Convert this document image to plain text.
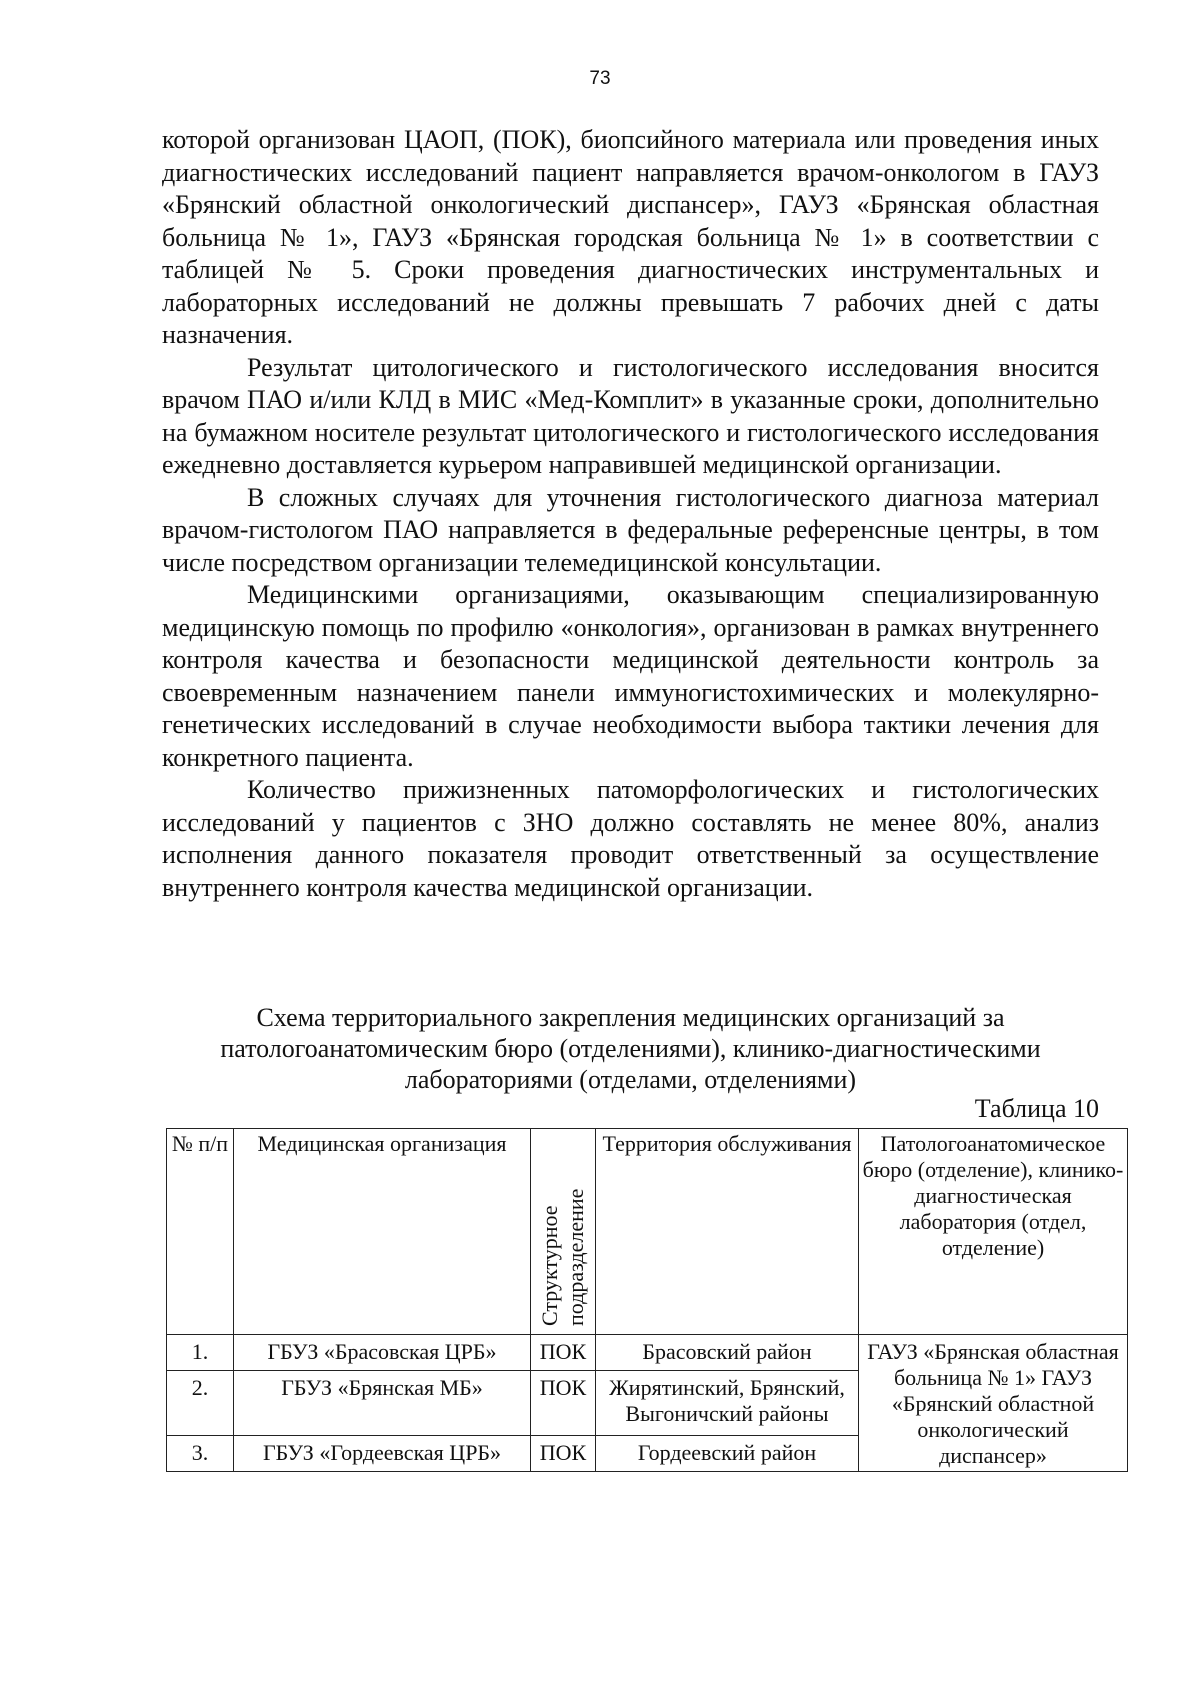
73

которой организован ЦАОП, (ПОК), биопсийного материала или проведения иных диагностических исследований пациент направляется врачом-онкологом в ГАУЗ «Брянский областной онкологический диспансер», ГАУЗ «Брянская областная больница № 1», ГАУЗ «Брянская городская больница № 1» в соответствии с таблицей № 5. Сроки проведения диагностических инструментальных и лабораторных исследований не должны превышать 7 рабочих дней с даты назначения.

Результат цитологического и гистологического исследования вносится врачом ПАО и/или КЛД в МИС «Мед-Комплит» в указанные сроки, дополнительно на бумажном носителе результат цитологического и гистологического исследования ежедневно доставляется курьером направившей медицинской организации.

В сложных случаях для уточнения гистологического диагноза материал врачом-гистологом ПАО направляется в федеральные референсные центры, в том числе посредством организации телемедицинской консультации.

Медицинскими организациями, оказывающим специализированную медицинскую помощь по профилю «онкология», организован в рамках внутреннего контроля качества и безопасности медицинской деятельности контроль за своевременным назначением панели иммуногистохимических и молекулярно-генетических исследований в случае необходимости выбора тактики лечения для конкретного пациента.

Количество прижизненных патоморфологических и гистологических исследований у пациентов с ЗНО должно составлять не менее 80%, анализ исполнения данного показателя проводит ответственный за осуществление внутреннего контроля качества медицинской организации.

Схема территориального закрепления медицинских организаций за патологоанатомическим бюро (отделениями), клинико-диагностическими лабораториями (отделами, отделениями)
Таблица 10
№ п/п	Медицинская организация	Структурное подразделение	Территория обслуживания	Патологоанатомическое бюро (отделение), клинико-диагностическая лаборатория (отдел, отделение)
1.	ГБУЗ «Брасовская ЦРБ»	ПОК	Брасовский район	ГАУЗ «Брянская областная больница № 1» ГАУЗ «Брянский областной онкологический диспансер»
2.	ГБУЗ «Брянская МБ»	ПОК	Жирятинский, Брянский, Выгоничский районы	
3.	ГБУЗ «Гордеевская ЦРБ»	ПОК	Гордеевский район	
